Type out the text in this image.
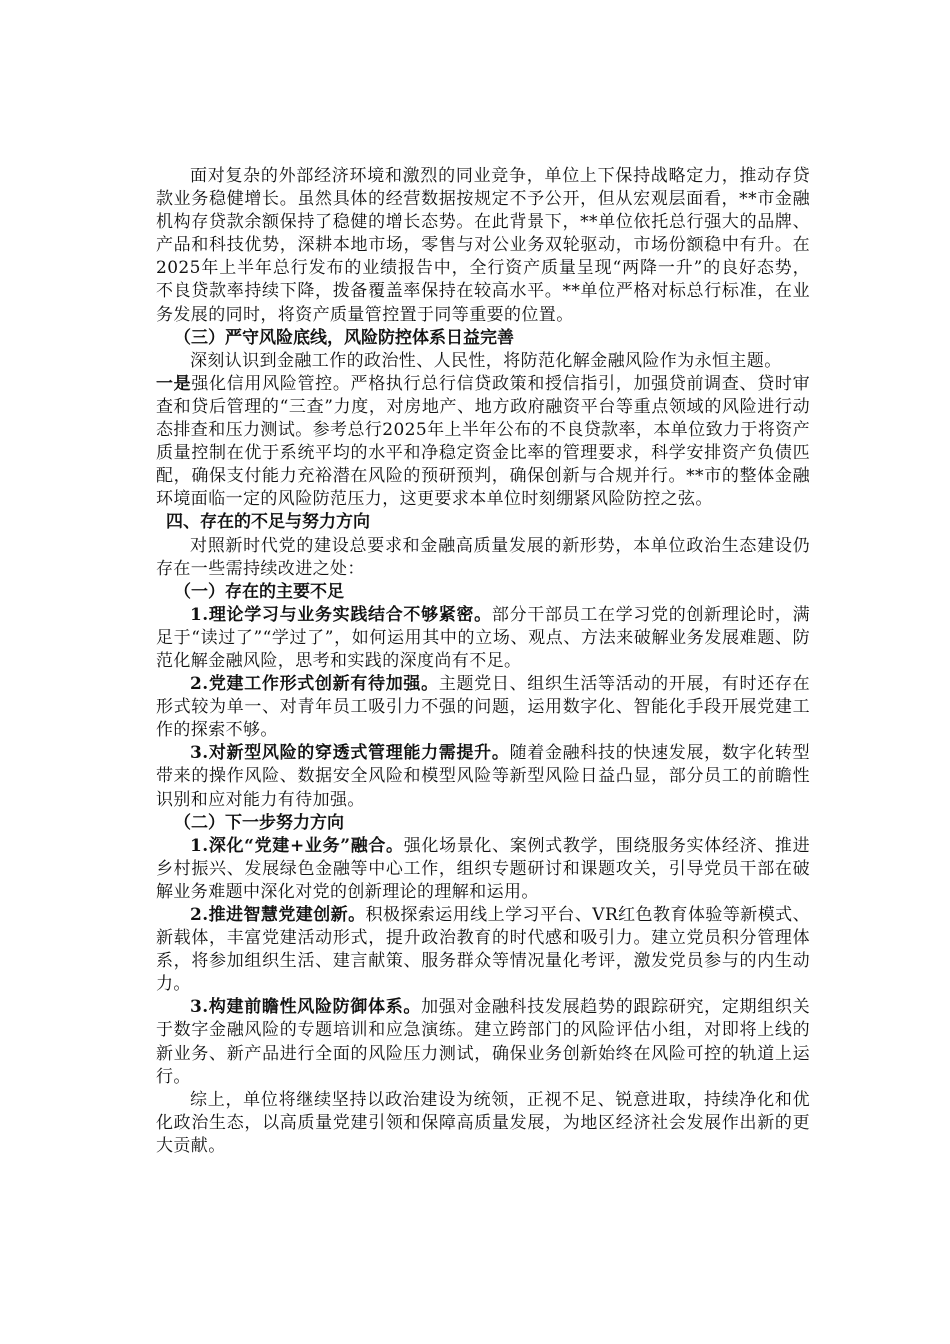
面对复杂的外部经济环境和激烈的同业竞争，单位上下保持战略定力，推动存贷款业务稳健增长。虽然具体的经营数据按规定不予公开，但从宏观层面看，**市金融机构存贷款余额保持了稳健的增长态势。在此背景下，**单位依托总行强大的品牌、产品和科技优势，深耕本地市场，零售与对公业务双轮驱动，市场份额稳中有升。在2025年上半年总行发布的业绩报告中，全行资产质量呈现“两降一升”的良好态势，不良贷款率持续下降，拨备覆盖率保持在较高水平。**单位严格对标总行标准，在业务发展的同时，将资产质量管控置于同等重要的位置。

（三）严守风险底线，风险防控体系日益完善

深刻认识到金融工作的政治性、人民性，将防范化解金融风险作为永恒主题。

一是强化信用风险管控。严格执行总行信贷政策和授信指引，加强贷前调查、贷时审查和贷后管理的“三查”力度，对房地产、地方政府融资平台等重点领域的风险进行动态排查和压力测试。参考总行2025年上半年公布的不良贷款率，本单位致力于将资产质量控制在优于系统平均的水平和净稳定资金比率的管理要求，科学安排资产负债匹配，确保支付能力充裕潜在风险的预研预判，确保创新与合规并行。**市的整体金融环境面临一定的风险防范压力，这更要求本单位时刻绷紧风险防控之弦。

四、存在的不足与努力方向

对照新时代党的建设总要求和金融高质量发展的新形势，本单位政治生态建设仍存在一些需持续改进之处：

（一）存在的主要不足

1.理论学习与业务实践结合不够紧密。部分干部员工在学习党的创新理论时，满足于“读过了”“学过了”，如何运用其中的立场、观点、方法来破解业务发展难题、防范化解金融风险，思考和实践的深度尚有不足。

2.党建工作形式创新有待加强。主题党日、组织生活等活动的开展，有时还存在形式较为单一、对青年员工吸引力不强的问题，运用数字化、智能化手段开展党建工作的探索不够。

3.对新型风险的穿透式管理能力需提升。随着金融科技的快速发展，数字化转型带来的操作风险、数据安全风险和模型风险等新型风险日益凸显，部分员工的前瞻性识别和应对能力有待加强。

（二）下一步努力方向

1.深化“党建+业务”融合。强化场景化、案例式教学，围绕服务实体经济、推进乡村振兴、发展绿色金融等中心工作，组织专题研讨和课题攻关，引导党员干部在破解业务难题中深化对党的创新理论的理解和运用。

2.推进智慧党建创新。积极探索运用线上学习平台、VR红色教育体验等新模式、新载体，丰富党建活动形式，提升政治教育的时代感和吸引力。建立党员积分管理体系，将参加组织生活、建言献策、服务群众等情况量化考评，激发党员参与的内生动力。

3.构建前瞻性风险防御体系。加强对金融科技发展趋势的跟踪研究，定期组织关于数字金融风险的专题培训和应急演练。建立跨部门的风险评估小组，对即将上线的新业务、新产品进行全面的风险压力测试，确保业务创新始终在风险可控的轨道上运行。

综上，单位将继续坚持以政治建设为统领，正视不足、锐意进取，持续净化和优化政治生态，以高质量党建引领和保障高质量发展，为地区经济社会发展作出新的更大贡献。
